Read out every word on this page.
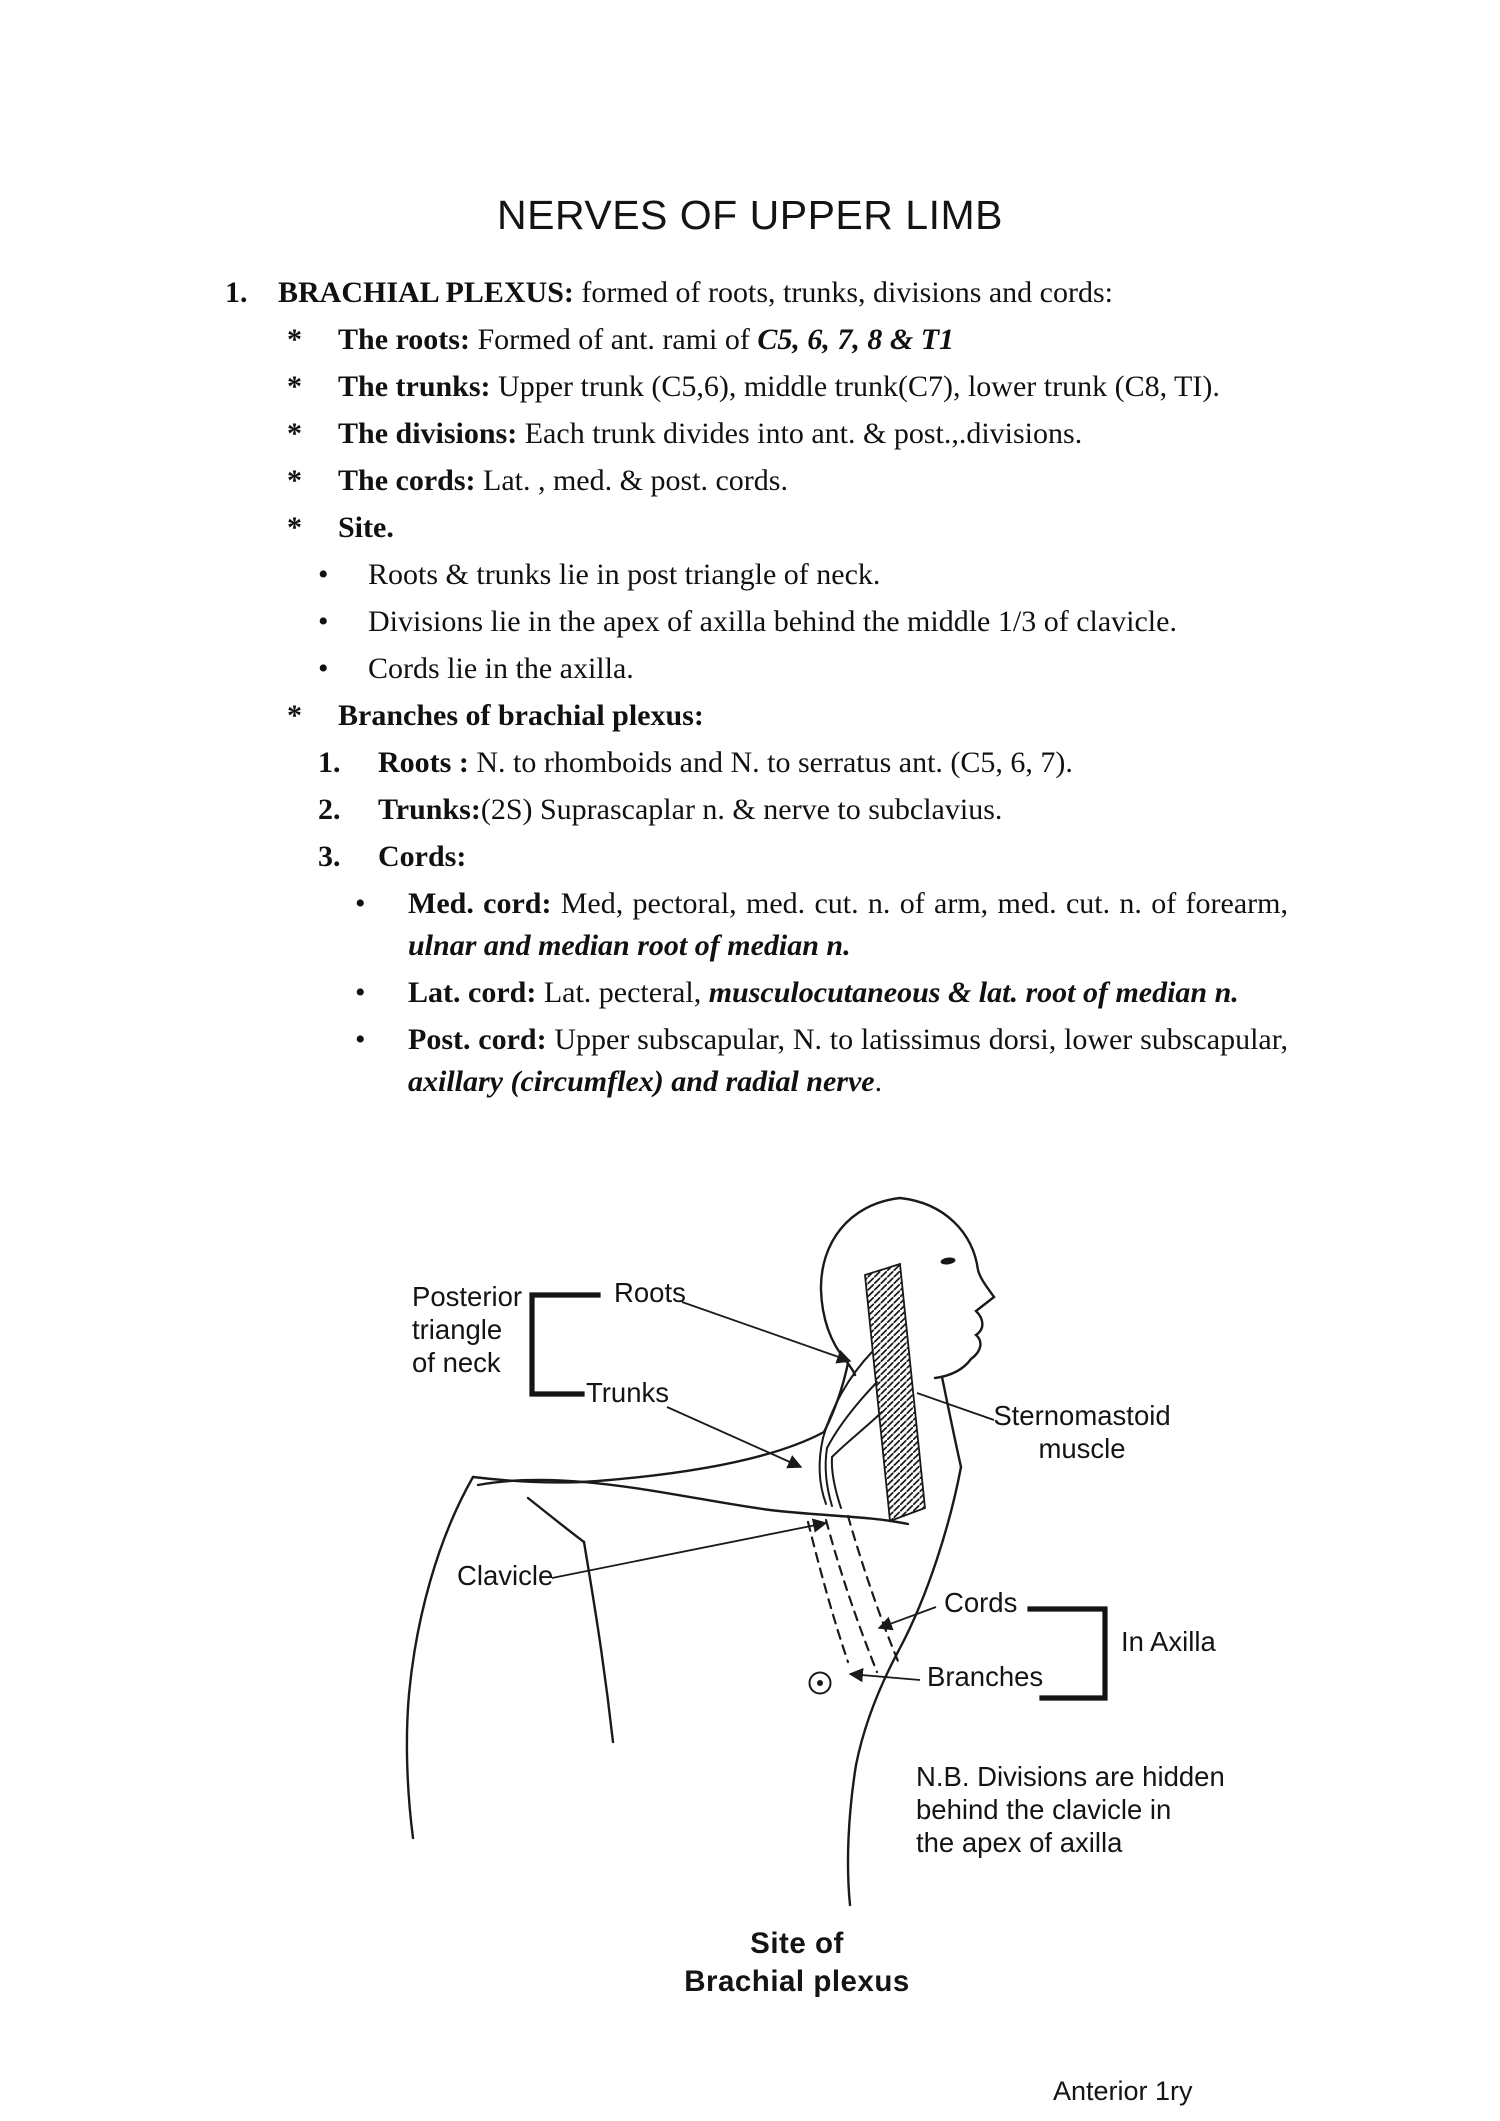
NERVES OF UPPER LIMB
1.	BRACHIAL PLEXUS: formed of roots, trunks, divisions and cords:
*	The roots: Formed of ant. rami of C5, 6, 7, 8 & T1
*	The trunks: Upper trunk (C5,6), middle trunk(C7), lower trunk (C8, TI).
*	The divisions: Each trunk divides into ant. & post.,.divisions.
*	The cords: Lat. , med. & post. cords.
*	Site.
•	Roots & trunks lie in post triangle of neck.
•	Divisions lie in the apex of axilla behind the middle 1/3 of clavicle.
•	Cords lie in the axilla.
*	Branches of brachial plexus:
1.	Roots : N. to rhomboids and N. to serratus ant. (C5, 6, 7).
2.	Trunks:(2S) Suprascaplar n. & nerve to subclavius.
3.	Cords:
•	Med. cord: Med, pectoral, med. cut. n. of arm, med. cut. n. of forearm, ulnar and median root of median n.
•	Lat. cord: Lat. pecteral, musculocutaneous & lat. root of median n.
•	Post. cord: Upper subscapular, N. to latissimus dorsi, lower subscapular, axillary (circumflex) and radial nerve.
Posterior
triangle
of neck
Roots
Trunks
Sternomastoid
muscle
Clavicle
Cords
In Axilla
Branches
N.B. Divisions are hidden
behind the clavicle in
the apex of axilla
Site of
Brachial plexus
Anterior 1ry
